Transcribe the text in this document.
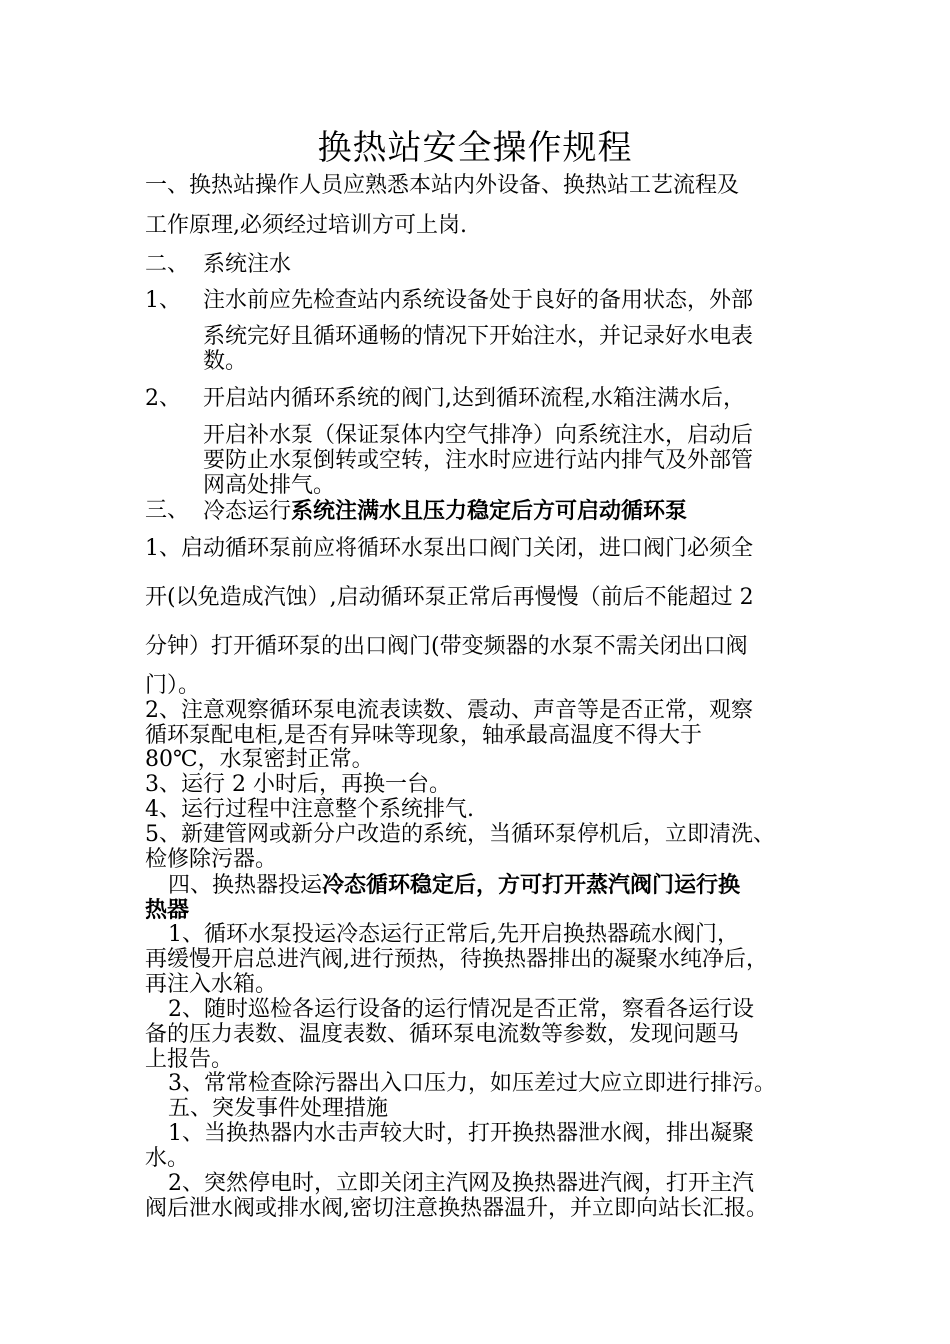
换热站安全操作规程
一、换热站操作人员应熟悉本站内外设备、换热站工艺流程及
工作原理,必须经过培训方可上岗.
二、 系统注水
1、 注水前应先检查站内系统设备处于良好的备用状态，外部
系统完好且循环通畅的情况下开始注水，并记录好水电表
数。
2、 开启站内循环系统的阀门,达到循环流程,水箱注满水后，
开启补水泵（保证泵体内空气排净）向系统注水，启动后
要防止水泵倒转或空转，注水时应进行站内排气及外部管
网高处排气。
三、 冷态运行系统注满水且压力稳定后方可启动循环泵
1、启动循环泵前应将循环水泵出口阀门关闭，进口阀门必须全
开(以免造成汽蚀）,启动循环泵正常后再慢慢（前后不能超过 2
分钟）打开循环泵的出口阀门(带变频器的水泵不需关闭出口阀
门）。
2、注意观察循环泵电流表读数、震动、声音等是否正常，观察
循环泵配电柜,是否有异味等现象，轴承最高温度不得大于
80℃，水泵密封正常。
3、运行 2 小时后，再换一台。
4、运行过程中注意整个系统排气.
5、新建管网或新分户改造的系统，当循环泵停机后，立即清洗、
检修除污器。
四、换热器投运冷态循环稳定后，方可打开蒸汽阀门运行换
热器
1、循环水泵投运冷态运行正常后,先开启换热器疏水阀门，
再缓慢开启总进汽阀,进行预热，待换热器排出的凝聚水纯净后，
再注入水箱。
2、随时巡检各运行设备的运行情况是否正常，察看各运行设
备的压力表数、温度表数、循环泵电流数等参数，发现问题马
上报告。
3、常常检查除污器出入口压力，如压差过大应立即进行排污。
五、突发事件处理措施
1、当换热器内水击声较大时，打开换热器泄水阀，排出凝聚
水。
2、突然停电时，立即关闭主汽网及换热器进汽阀，打开主汽
阀后泄水阀或排水阀,密切注意换热器温升，并立即向站长汇报。
